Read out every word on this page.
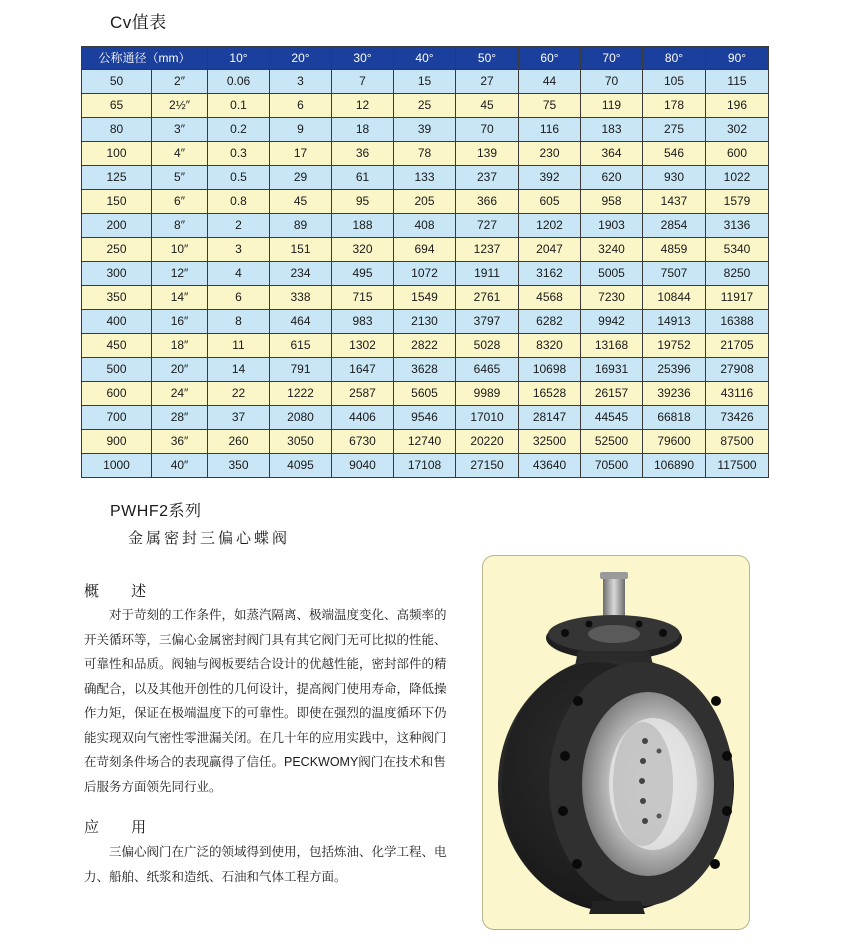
Cv值表
公称通径（mm）		10°	20°	30°	40°	50°	60°	70°	80°	90°
50	2″	0.06	3	7	15	27	44	70	105	115
65	2½″	0.1	6	12	25	45	75	119	178	196
80	3″	0.2	9	18	39	70	116	183	275	302
100	4″	0.3	17	36	78	139	230	364	546	600
125	5″	0.5	29	61	133	237	392	620	930	1022
150	6″	0.8	45	95	205	366	605	958	1437	1579
200	8″	2	89	188	408	727	1202	1903	2854	3136
250	10″	3	151	320	694	1237	2047	3240	4859	5340
300	12″	4	234	495	1072	1911	3162	5005	7507	8250
350	14″	6	338	715	1549	2761	4568	7230	10844	11917
400	16″	8	464	983	2130	3797	6282	9942	14913	16388
450	18″	11	615	1302	2822	5028	8320	13168	19752	21705
500	20″	14	791	1647	3628	6465	10698	16931	25396	27908
600	24″	22	1222	2587	5605	9989	16528	26157	39236	43116
700	28″	37	2080	4406	9546	17010	28147	44545	66818	73426
900	36″	260	3050	6730	12740	20220	32500	52500	79600	87500
1000	40″	350	4095	9040	17108	27150	43640	70500	106890	117500
PWHF2系列
金属密封三偏心蝶阀
概 述
对于苛刻的工作条件，如蒸汽隔离、极端温度变化、高频率的开关循环等，三偏心金属密封阀门具有其它阀门无可比拟的性能、可靠性和品质。阀轴与阀板要结合设计的优越性能，密封部件的精确配合，以及其他开创性的几何设计，提高阀门使用寿命，降低操作力矩，保证在极端温度下的可靠性。即使在强烈的温度循环下仍能实现双向气密性零泄漏关闭。在几十年的应用实践中，这种阀门在苛刻条件场合的表现赢得了信任。PECKWOMY阀门在技术和售后服务方面领先同行业。
应 用
三偏心阀门在广泛的领域得到使用，包括炼油、化学工程、电力、船舶、纸浆和造纸、石油和气体工程方面。
